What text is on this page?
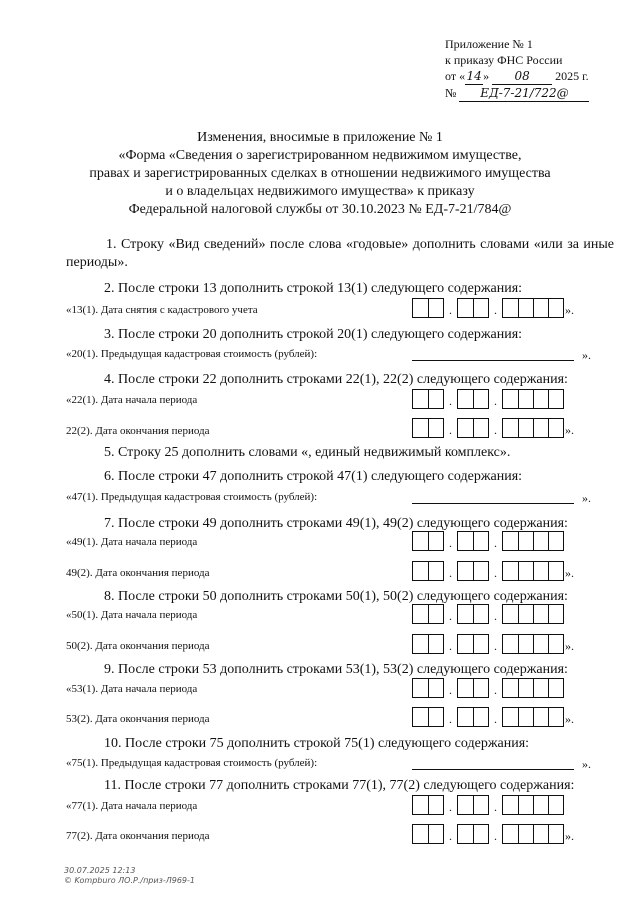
Приложение № 1
к приказу ФНС России
от «14» 08 2025 г.
№ ЕД-7-21/722@
Изменения, вносимые в приложение № 1
«Форма «Сведения о зарегистрированном недвижимом имуществе,
правах и зарегистрированных сделках в отношении недвижимого имущества
и о владельцах недвижимого имущества» к приказу
Федеральной налоговой службы от 30.10.2023 № ЕД-7-21/784@
1. Строку «Вид сведений» после слова «годовые» дополнить словами «или за иные периоды».
2. После строки 13 дополнить строкой 13(1) следующего содержания:
«13(1). Дата снятия с кадастрового учета	.	.	».
3. После строки 20 дополнить строкой 20(1) следующего содержания:
«20(1). Предыдущая кадастровая стоимость (рублей):	».
4. После строки 22 дополнить строками 22(1), 22(2) следующего содержания:
«22(1). Дата начала периода	.	.
22(2). Дата окончания периода	.	.	».
5. Строку 25 дополнить словами «, единый недвижимый комплекс».
6. После строки 47 дополнить строкой 47(1) следующего содержания:
«47(1). Предыдущая кадастровая стоимость (рублей):	».
7. После строки 49 дополнить строками 49(1), 49(2) следующего содержания:
«49(1). Дата начала периода	.	.
49(2). Дата окончания периода	.	.	».
8. После строки 50 дополнить строками 50(1), 50(2) следующего содержания:
«50(1). Дата начала периода	.	.
50(2). Дата окончания периода	.	.	».
9. После строки 53 дополнить строками 53(1), 53(2) следующего содержания:
«53(1). Дата начала периода	.	.
53(2). Дата окончания периода	.	.	».
10. После строки 75 дополнить строкой 75(1) следующего содержания:
«75(1). Предыдущая кадастровая стоимость (рублей):	».
11. После строки 77 дополнить строками 77(1), 77(2) следующего содержания:
«77(1). Дата начала периода	.	.
77(2). Дата окончания периода	.	.	».
30.07.2025 12:13
© Kompburo ЛО.Р./приз-Л969-1
